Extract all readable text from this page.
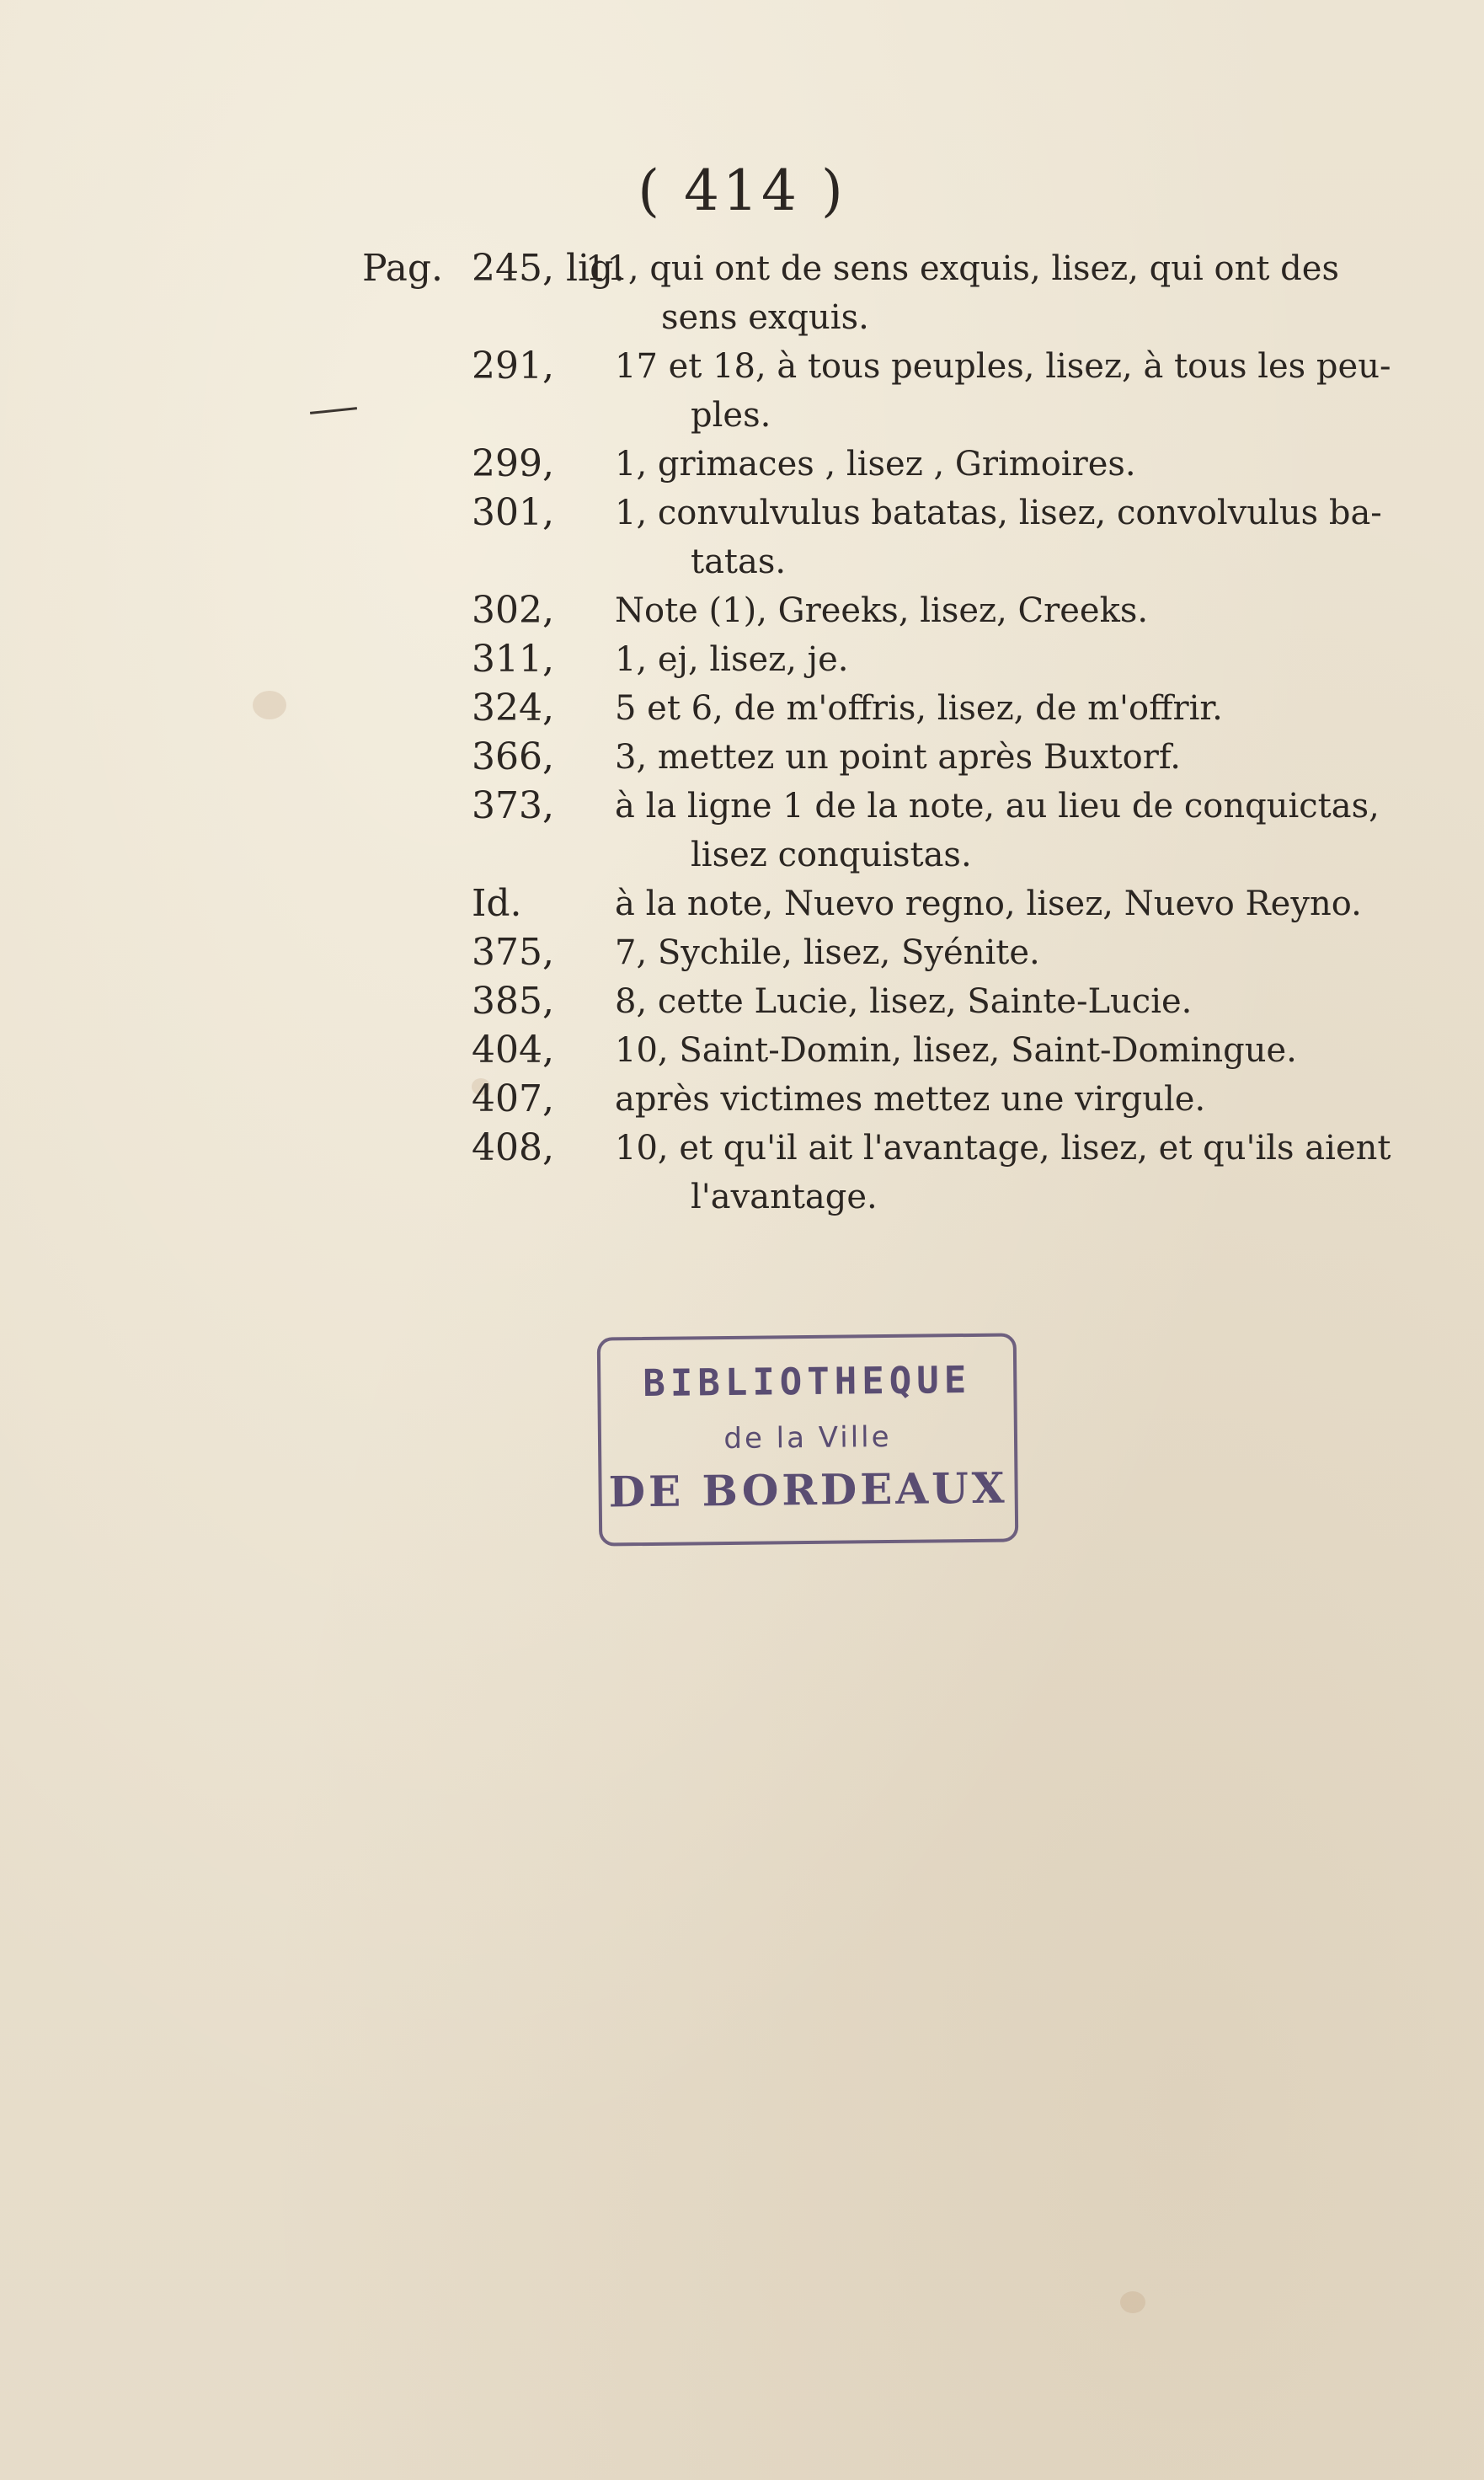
( 414 )
Pag. 245, lig.
11, qui ont de sens exquis, lisez, qui ont des
sens exquis.
291, 17 et 18, à tous peuples, lisez, à tous les peu-
ples.
299, 1, grimaces , lisez , Grimoires.
301, 1, convulvulus batatas, lisez, convolvulus ba-
tatas.
302, Note (1), Greeks, lisez, Creeks.
311, 1, ej, lisez, je.
324, 5 et 6, de m'offris, lisez, de m'offrir.
366, 3, mettez un point après Buxtorf.
373, à la ligne 1 de la note, au lieu de conquictas,
lisez conquistas.
Id.	à la note, Nuevo regno, lisez, Nuevo Reyno.
375, 7, Sychile, lisez, Syénite.
385, 8, cette Lucie, lisez, Sainte-Lucie.
404, 10, Saint-Domin, lisez, Saint-Domingue.
407, après victimes mettez une virgule.
408, 10, et qu'il ait l'avantage, lisez, et qu'ils aient
l'avantage.
BIBLIOTHEQUE
de la Ville
DE BORDEAUX
